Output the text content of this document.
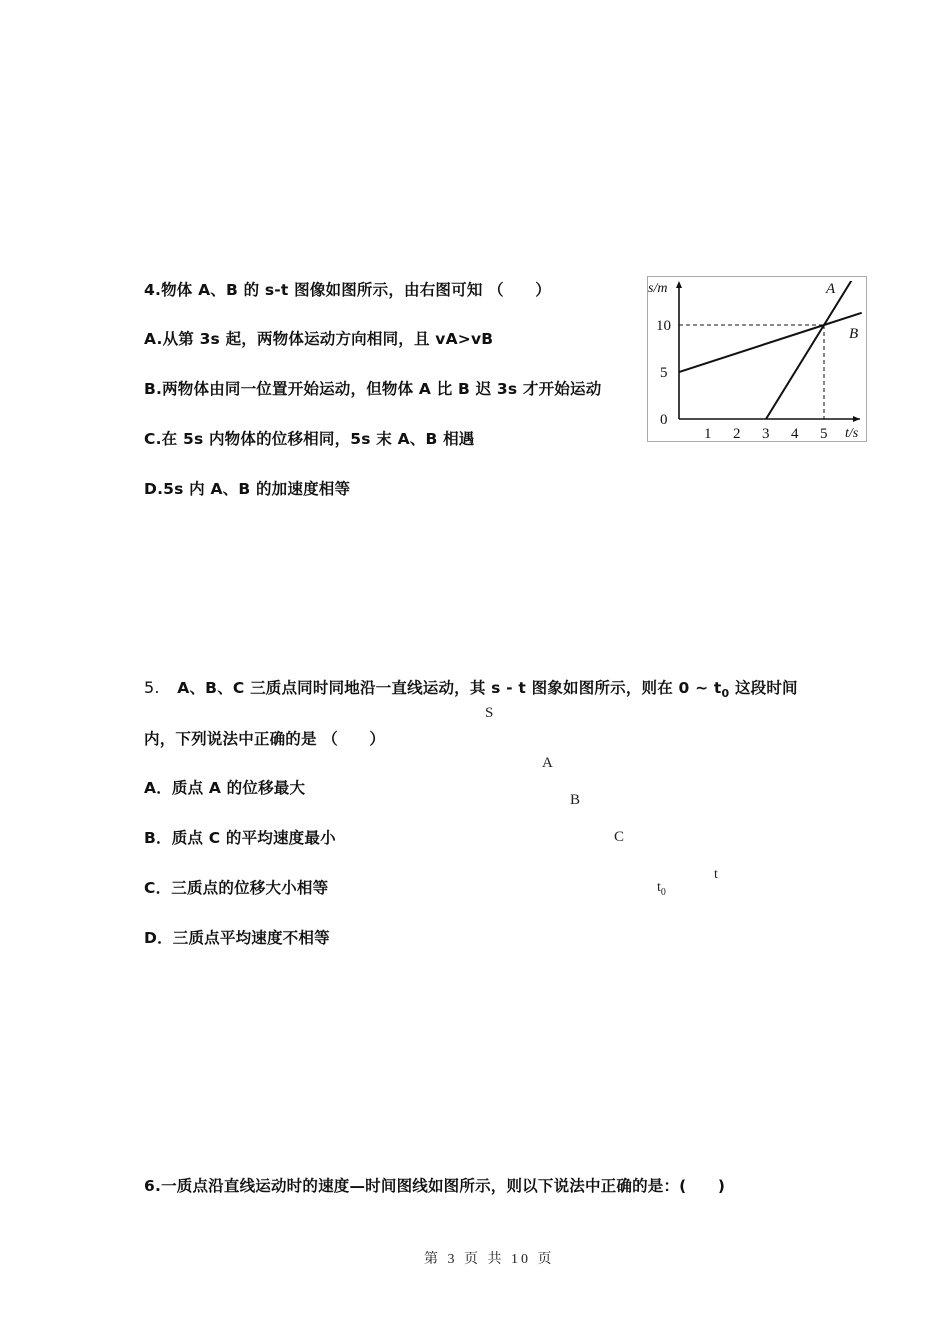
4.物体 A、B 的 s-t 图像如图所示，由右图可知 （　　）
A.从第 3s 起，两物体运动方向相同，且 vA>vB
B.两物体由同一位置开始运动，但物体 A 比 B 迟 3s 才开始运动
C.在 5s 内物体的位移相同，5s 末 A、B 相遇
D.5s 内 A、B 的加速度相等
s/m
t/s
1 2 3 4 5
0
5
10
A
B
5. A、B、C 三质点同时同地沿一直线运动，其 s - t 图象如图所示，则在 0 ~ $t_0$ 这段时间
内，下列说法中正确的是 （　　）
A．质点 A 的位移最大
B．质点 C 的平均速度最小
C．三质点的位移大小相等
D．三质点平均速度不相等
S
A
B
C
t
$t_0$
6.一质点沿直线运动时的速度—时间图线如图所示，则以下说法中正确的是：(　　)
第 3 页 共 10 页
